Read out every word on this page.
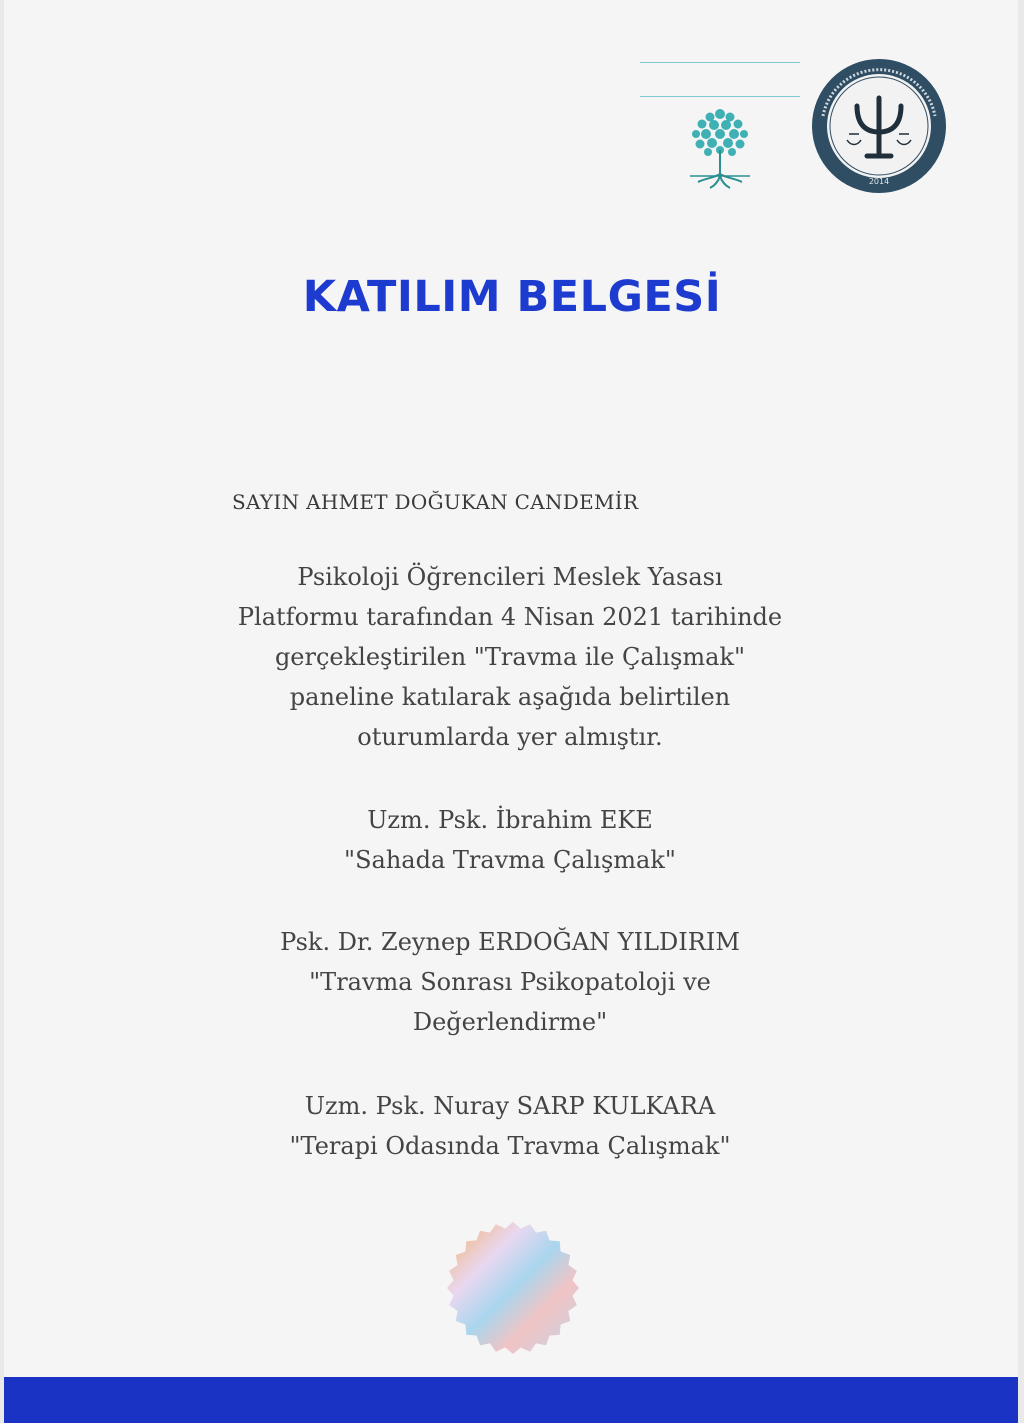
2014
KATILIM BELGESİ

SAYIN AHMET DOĞUKAN CANDEMİR

Psikoloji Öğrencileri Meslek Yasası
Platformu tarafından 4 Nisan 2021 tarihinde
gerçekleştirilen "Travma ile Çalışmak"
paneline katılarak aşağıda belirtilen
oturumlarda yer almıştır.

Uzm. Psk. İbrahim EKE

"Sahada Travma Çalışmak"

Psk. Dr. Zeynep ERDOĞAN YILDIRIM

"Travma Sonrası Psikopatoloji ve

Değerlendirme"

Uzm. Psk. Nuray SARP KULKARA

"Terapi Odasında Travma Çalışmak"
